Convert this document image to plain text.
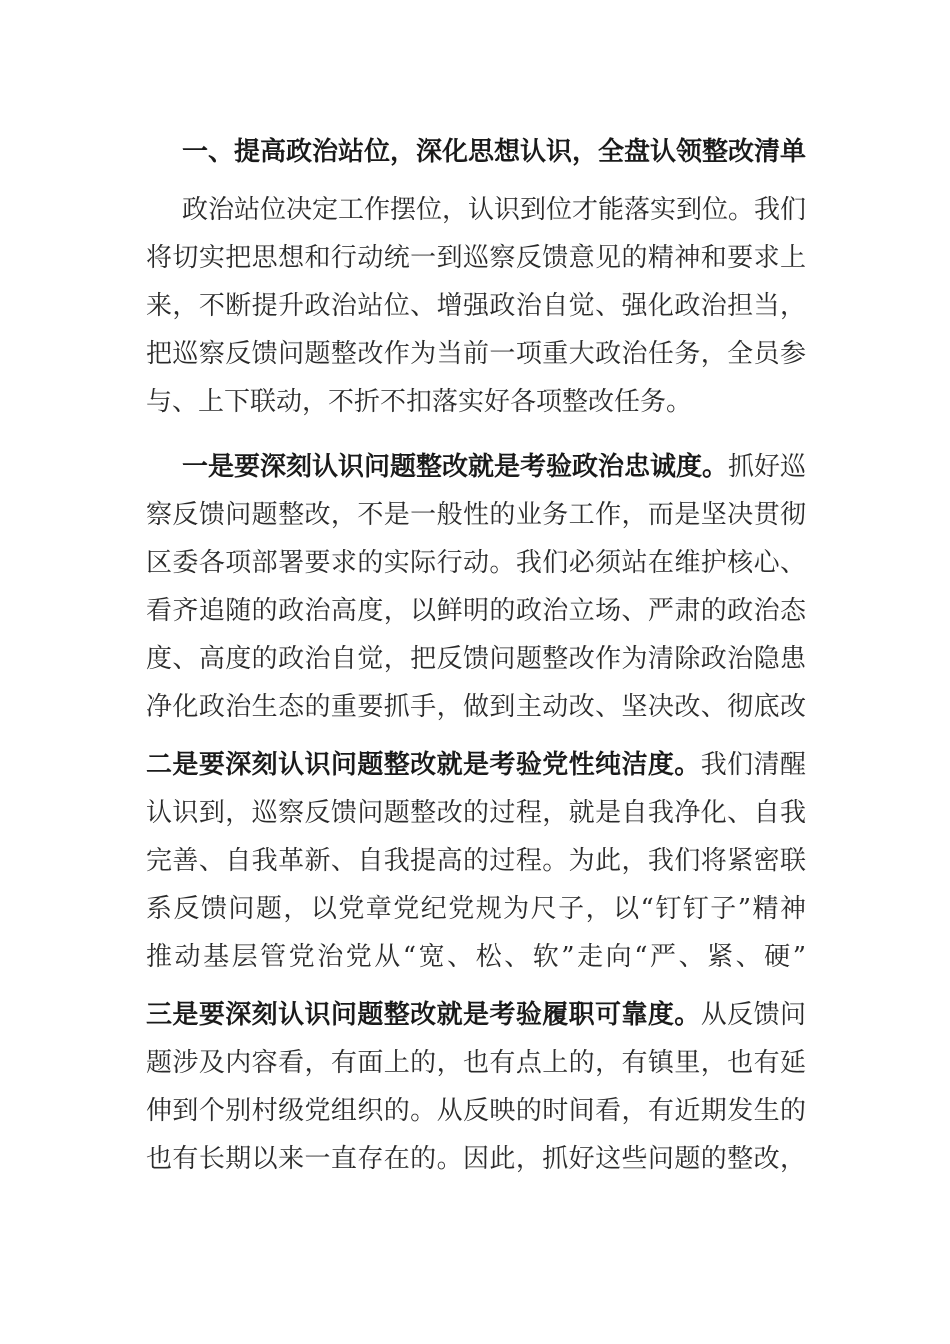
一、提高政治站位，深化思想认识，全盘认领整改清单

政治站位决定工作摆位，认识到位才能落实到位。我们

将切实把思想和行动统一到巡察反馈意见的精神和要求上

来，不断提升政治站位、增强政治自觉、强化政治担当，

把巡察反馈问题整改作为当前一项重大政治任务，全员参

与、上下联动，不折不扣落实好各项整改任务。

一是要深刻认识问题整改就是考验政治忠诚度。抓好巡

察反馈问题整改，不是一般性的业务工作，而是坚决贯彻

区委各项部署要求的实际行动。我们必须站在维护核心、

看齐追随的政治高度，以鲜明的政治立场、严肃的政治态

度、高度的政治自觉，把反馈问题整改作为清除政治隐患

净化政治生态的重要抓手，做到主动改、坚决改、彻底改

二是要深刻认识问题整改就是考验党性纯洁度。我们清醒

认识到，巡察反馈问题整改的过程，就是自我净化、自我

完善、自我革新、自我提高的过程。为此，我们将紧密联

系反馈问题，以党章党纪党规为尺子，以“钉钉子”精神

推动基层管党治党从“宽、松、软”走向“严、紧、硬”

三是要深刻认识问题整改就是考验履职可靠度。从反馈问

题涉及内容看，有面上的，也有点上的，有镇里，也有延

伸到个别村级党组织的。从反映的时间看，有近期发生的

也有长期以来一直存在的。因此，抓好这些问题的整改，
